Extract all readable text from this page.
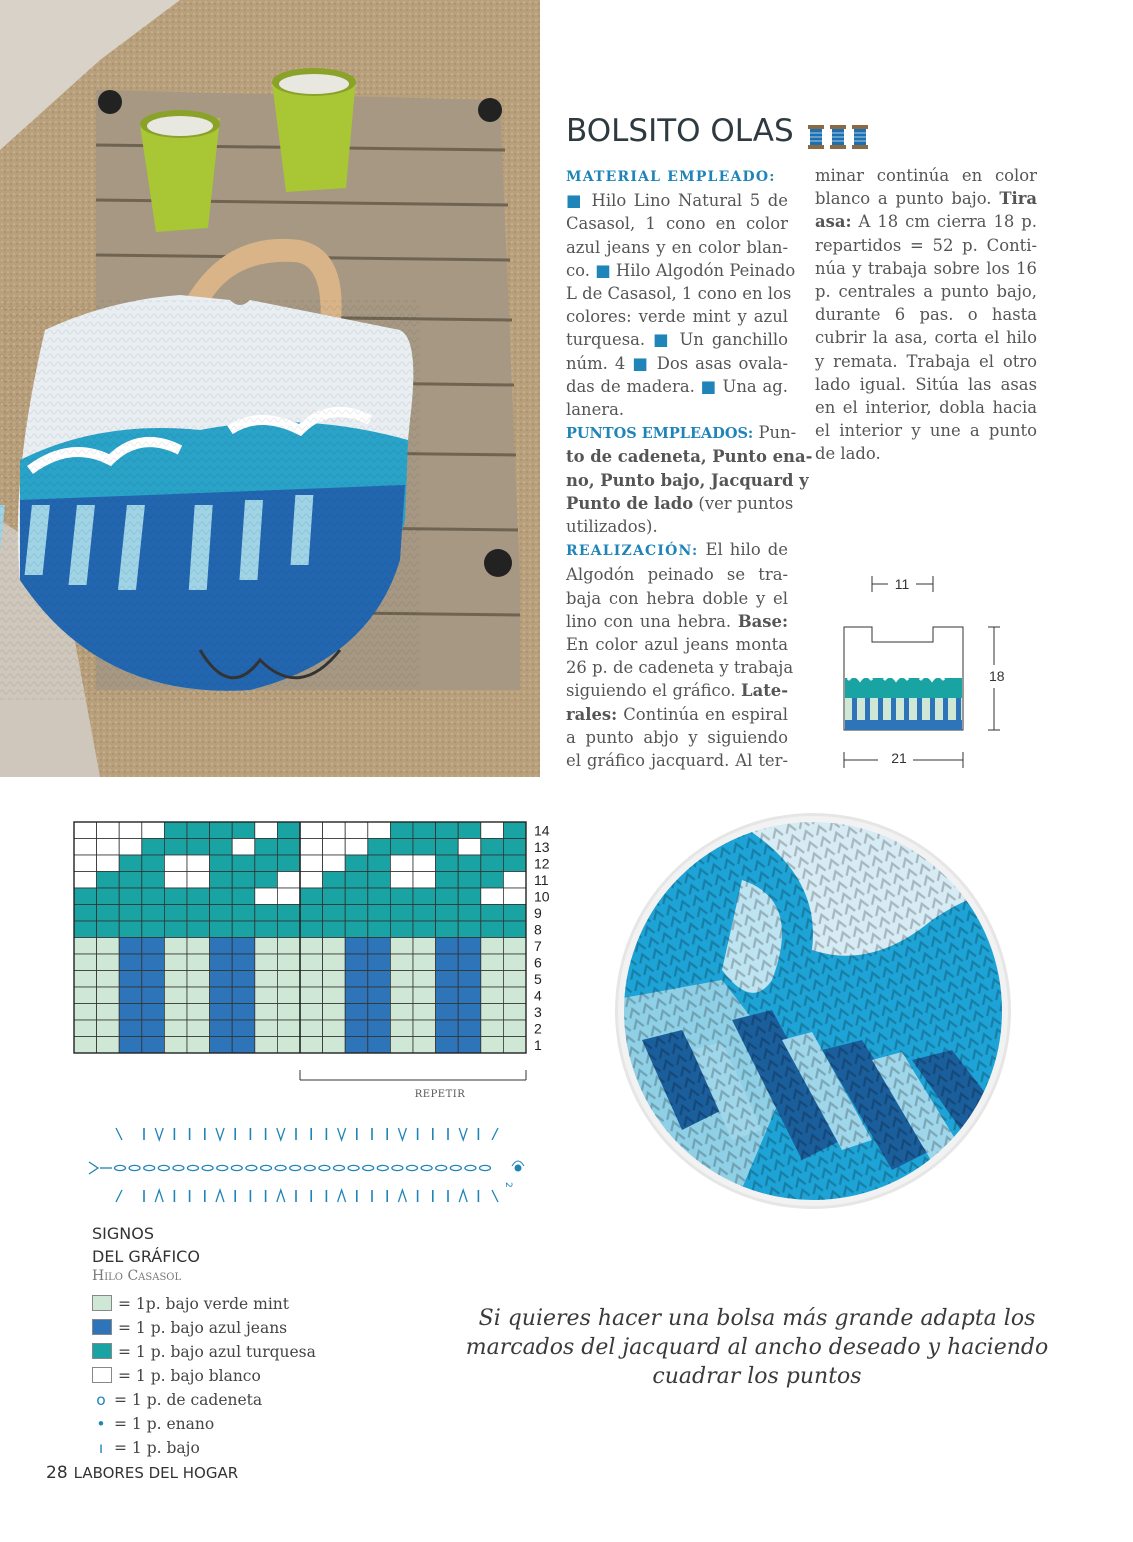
BOLSITO OLAS
MATERIAL EMPLEADO:
■ Hilo Lino Natural 5 de
Casasol, 1 cono en color
azul jeans y en color blan-
co. ■ Hilo Algodón Peinado
L de Casasol, 1 cono en los
colores: verde mint y azul
turquesa. ■ Un ganchillo
núm. 4 ■ Dos asas ovala-
das de madera. ■ Una ag.
lanera.
PUNTOS EMPLEADOS: Pun-
to de cadeneta, Punto ena-
no, Punto bajo, Jacquard y
Punto de lado (ver puntos
utilizados).
REALIZACIÓN: El hilo de
Algodón peinado se tra-
baja con hebra doble y el
lino con una hebra. Base:
En color azul jeans monta
26 p. de cadeneta y trabaja
siguiendo el gráfico. Late-
rales: Continúa en espiral
a punto abjo y siguiendo
el gráfico jacquard. Al ter-
minar continúa en color
blanco a punto bajo. Tira
asa: A 18 cm cierra 18 p.
repartidos = 52 p. Conti-
núa y trabaja sobre los 16
p. centrales a punto bajo,
durante 6 pas. o hasta
cubrir la asa, corta el hilo
y remata. Trabaja el otro
lado igual. Sitúa las asas
en el interior, dobla hacia
el interior y une a punto
de lado.
11
18
21
14
13
12
11
10
9
8
7
6
5
4
3
2
1
REPETIR
2
SIGNOS
DEL GRÁFICO
Hilo Casasol
= 1p. bajo verde mint
= 1 p. bajo azul jeans
= 1 p. bajo azul turquesa
= 1 p. bajo blanco
o = 1 p. de cadeneta
• = 1 p. enano
ı = 1 p. bajo
Si quieres hacer una bolsa más grande adapta los marcados del jacquard al ancho deseado y haciendo cuadrar los puntos
28 LABORES DEL HOGAR
